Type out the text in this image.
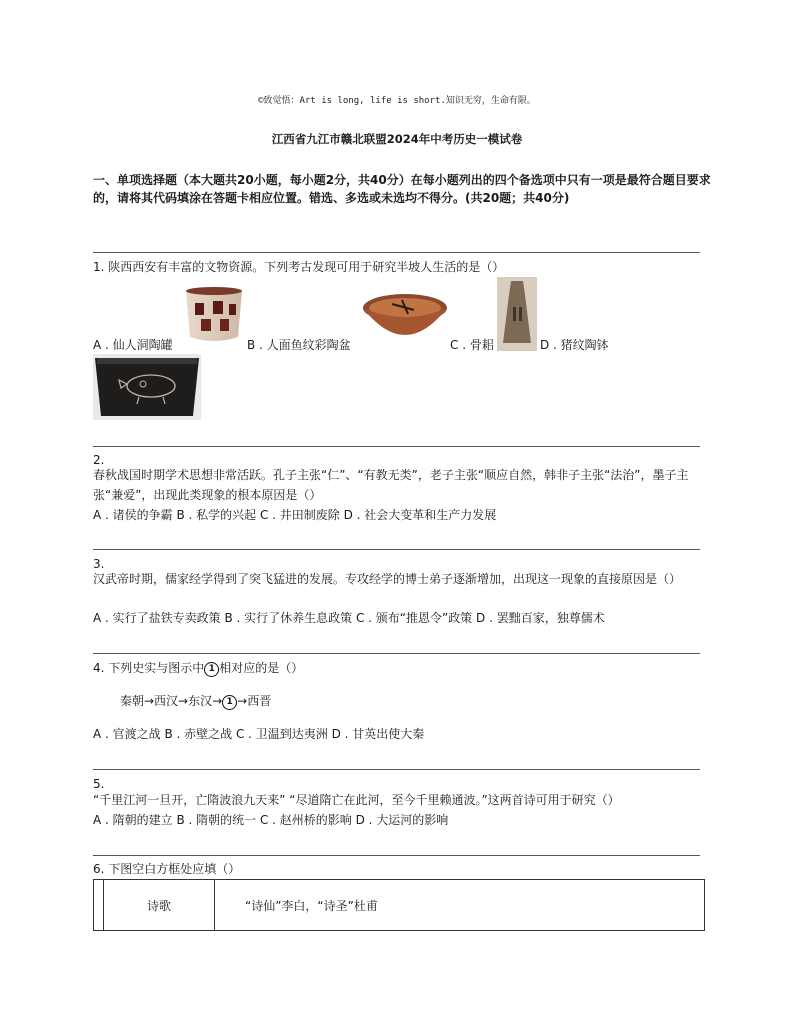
©致觉悟：Art is long, life is short.知识无穷，生命有限。
江西省九江市赣北联盟2024年中考历史一模试卷
一、单项选择题（本大题共20小题，每小题2分，共40分）在每小题列出的四个备选项中只有一项是最符合题目要求的，请将其代码填涂在答题卡相应位置。错选、多选或未选均不得分。(共20题；共40分)
1. 陕西西安有丰富的文物资源。下列考古发现可用于研究半坡人生活的是（）
A . 仙人洞陶罐	B . 人面鱼纹彩陶盆	C . 骨耜	D . 猪纹陶钵
2.
春秋战国时期学术思想非常活跃。孔子主张“仁”、“有教无类”，老子主张“顺应自然，韩非子主张“法治”，墨子主张“兼爱”，出现此类现象的根本原因是（）
A . 诸侯的争霸 B . 私学的兴起 C . 井田制废除 D . 社会大变革和生产力发展
3.
汉武帝时期，儒家经学得到了突飞猛进的发展。专攻经学的博士弟子逐渐增加，出现这一现象的直接原因是（）
A . 实行了盐铁专卖政策 B . 实行了休养生息政策 C . 颁布“推恩令”政策 D . 罢黜百家，独尊儒术
4. 下列史实与图示中 1 相对应的是（）
秦朝→西汉→东汉→ 1 →西晋
A . 官渡之战 B . 赤壁之战 C . 卫温到达夷洲 D . 甘英出使大秦
5.
“千里江河一旦开，亡隋波浪九天来” “尽道隋亡在此河，至今千里赖通波。”这两首诗可用于研究（）
A . 隋朝的建立 B . 隋朝的统一 C . 赵州桥的影响 D . 大运河的影响
6. 下图空白方框处应填（）
	诗歌	“诗仙”李白，“诗圣”杜甫
